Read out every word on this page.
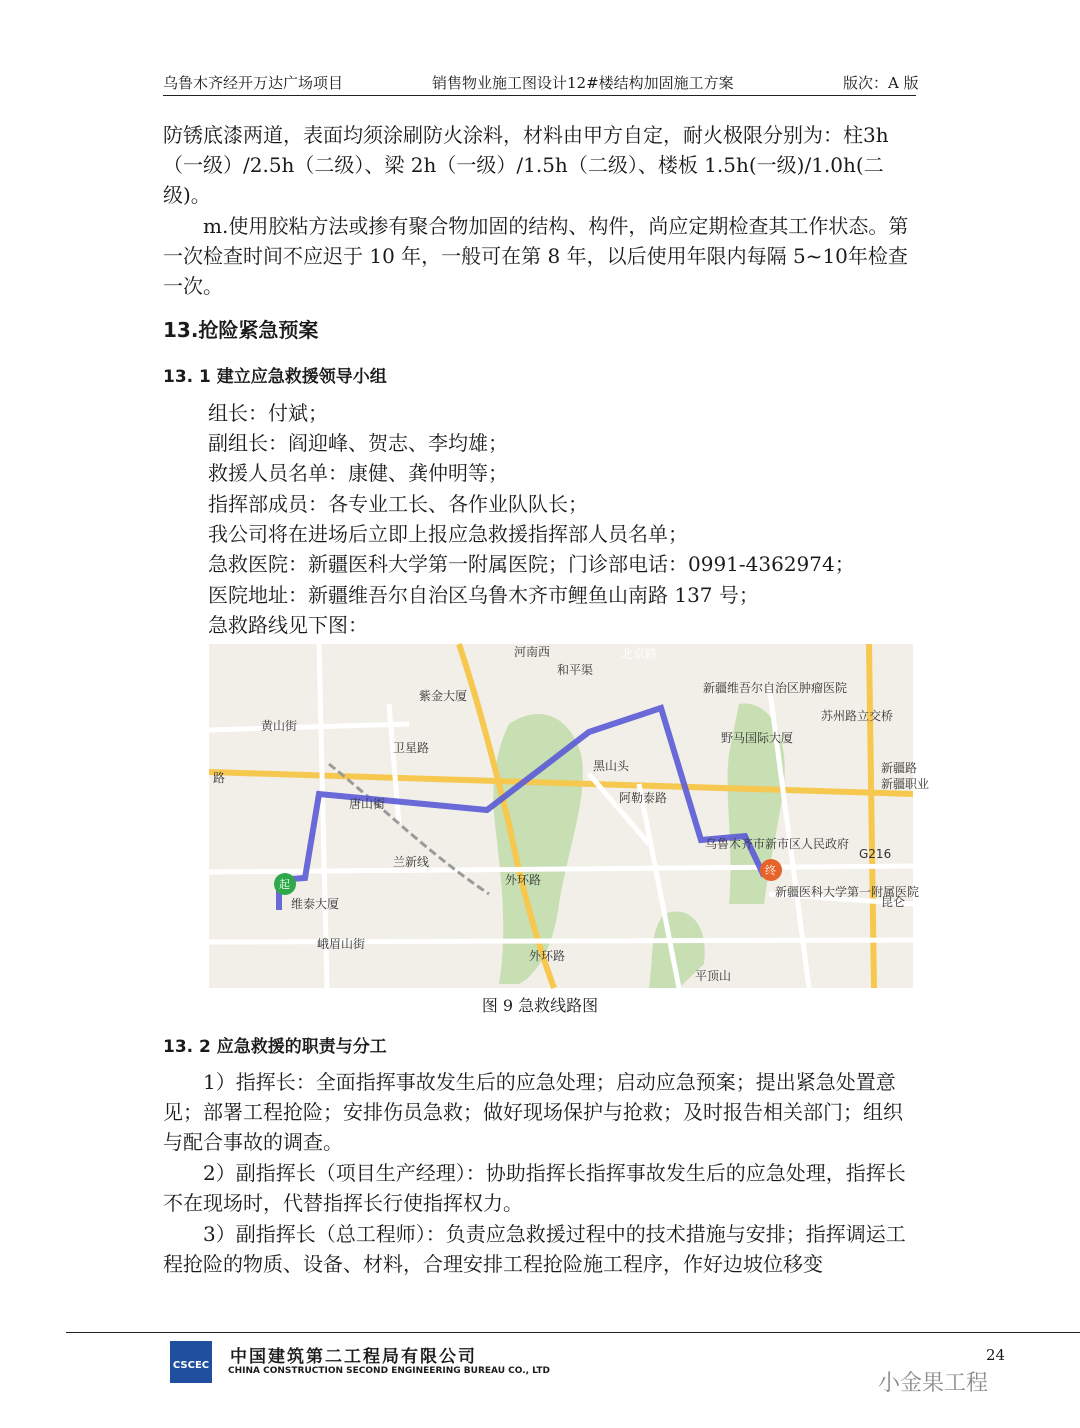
乌鲁木齐经开万达广场项目	销售物业施工图设计12#楼结构加固施工方案	版次：A 版

防锈底漆两道，表面均须涂刷防火涂料，材料由甲方自定，耐火极限分别为：柱3h（一级）/2.5h（二级）、梁 2h（一级）/1.5h（二级）、楼板 1.5h(一级)/1.0h(二级)。

m.使用胶粘方法或掺有聚合物加固的结构、构件，尚应定期检查其工作状态。第一次检查时间不应迟于 10 年，一般可在第 8 年，以后使用年限内每隔 5~10年检查一次。

13.抢险紧急预案
13. 1 建立应急救援领导小组
组长：付斌；
副组长：阎迎峰、贺志、李均雄；
救援人员名单：康健、龚仲明等；
指挥部成员：各专业工长、各作业队队长；
我公司将在进场后立即上报应急救援指挥部人员名单；
急救医院：新疆医科大学第一附属医院；门诊部电话：0991-4362974；
医院地址：新疆维吾尔自治区乌鲁木齐市鲤鱼山南路 137 号；
急救路线见下图：
河南西	北京路
和平渠
紫金大厦
新疆维吾尔自治区肿瘤医院
苏州路立交桥
黄山街
卫星路
野马国际大厦
黑山头
阿勒泰路
新疆职业
路
唐山街
兰新线
乌鲁木齐市新市区人民政府
G216
外环路
维泰大厦
新疆医科大学第一附属医院
昆仑
峨眉山街
外环路
平顶山
起
终
新疆路
图 9 急救线路图
13. 2 应急救援的职责与分工

1）指挥长：全面指挥事故发生后的应急处理；启动应急预案；提出紧急处置意见；部署工程抢险；安排伤员急救；做好现场保护与抢救；及时报告相关部门；组织与配合事故的调查。

2）副指挥长（项目生产经理）：协助指挥长指挥事故发生后的应急处理，指挥长不在现场时，代替指挥长行使指挥权力。

3）副指挥长（总工程师）：负责应急救援过程中的技术措施与安排；指挥调运工程抢险的物质、设备、材料，合理安排工程抢险施工程序，作好边坡位移变

CSCEC 中国建筑第二工程局有限公司
CHINA CONSTRUCTION SECOND ENGINEERING BUREAU CO., LTD
24
小金果工程
